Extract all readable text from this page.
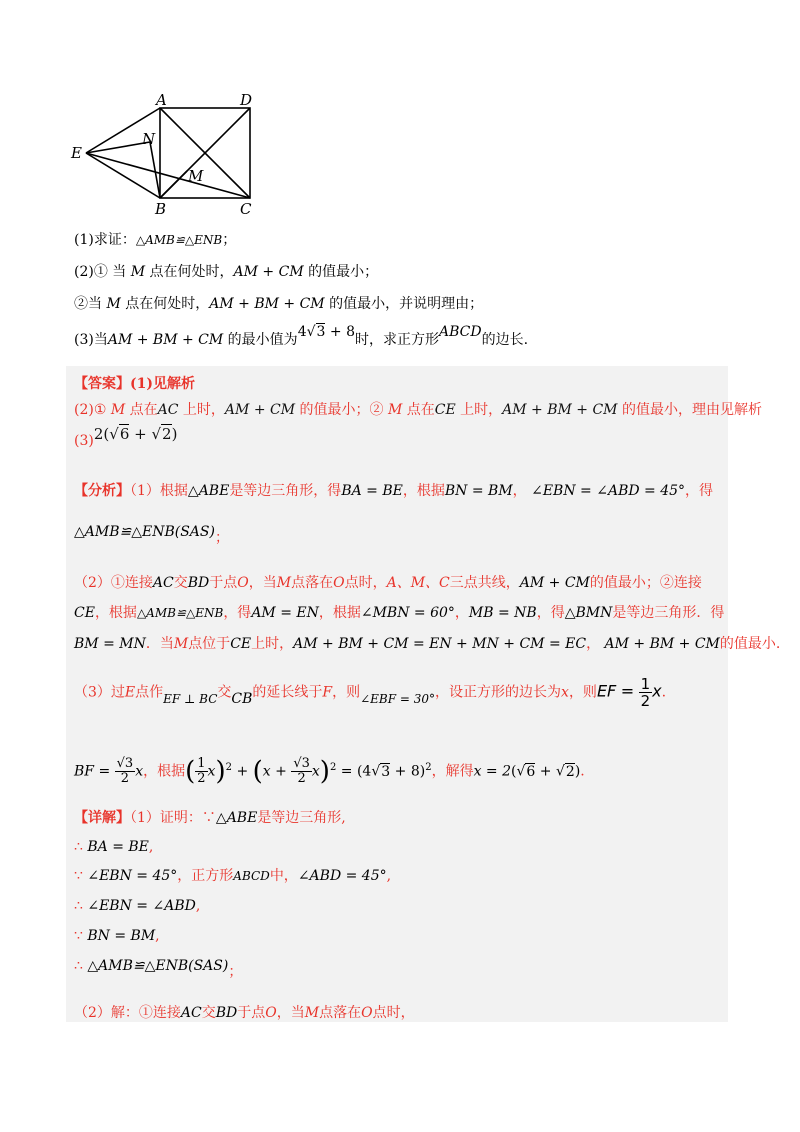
A	D
E
N
M
B	C
(1)求证：△AMB≌△ENB；
(2)① 当 M 点在何处时，AM + CM 的值最小；
②当 M 点在何处时，AM + BM + CM 的值最小，并说明理由；
(3)当AM + BM + CM 的最小值为4√3 + 8时，求正方形ABCD的边长.
【答案】(1)见解析
(2)① M 点在AC 上时，AM + CM 的值最小；② M 点在CE 上时，AM + BM + CM 的值最小，理由见解析
(3)2(√6 + √2)
【分析】（1）根据△ABE是等边三角形，得BA = BE，根据BN = BM， ∠EBN = ∠ABD = 45°，得
△AMB≌△ENB(SAS)；
（2）①连接AC交BD于点O，当M点落在O点时，A、M、C三点共线，AM + CM的值最小；②连接
CE，根据△AMB≌△ENB，得AM = EN，根据∠MBN = 60°，MB = NB，得△BMN是等边三角形．得
BM = MN．当M点位于CE上时，AM + BM + CM = EN + MN + CM = EC， AM + BM + CM的值最小.
（3）过E点作EF ⊥ BC交CB的延长线于F，则∠EBF = 30°，设正方形的边长为x，则EF = $\frac{1}{2} x$.
BF = $\frac{√3}{2}$ x，根据( $\frac{1}{2} x)^2 + (x + \frac{√3}{2} x)^2 = (4√3 + 8)^2$，解得x = 2(√6 + √2).
【详解】（1）证明：∵△ABE是等边三角形,
∴ BA = BE,
∵ ∠EBN = 45°，正方形ABCD中，∠ABD = 45°,
∴ ∠EBN = ∠ABD,
∵ BN = BM,
∴ △AMB≌△ENB(SAS)；
（2）解：①连接AC交BD于点O，当M点落在O点时，
